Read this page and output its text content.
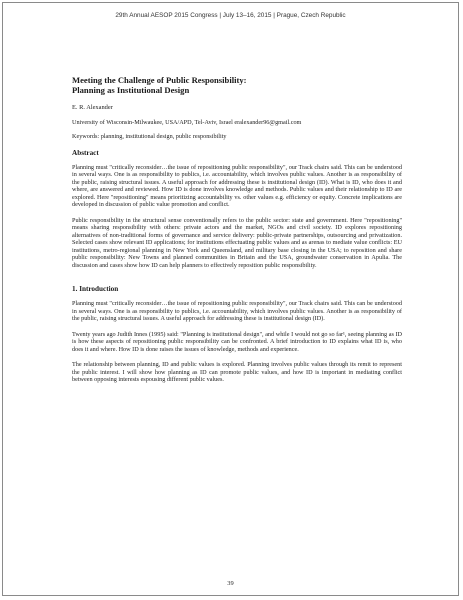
29th Annual AESOP 2015 Congress | July 13–16, 2015 | Prague, Czech Republic
Meeting the Challenge of Public Responsibility:
Planning as Institutional Design
E. R. Alexander
University of Wisconsin-Milwaukee, USA/APD, Tel-Aviv, Israel eralexander96@gmail.com
Keywords: planning, institutional design, public responsibility
Abstract

Planning must "critically reconsider…the issue of repositioning public responsibility", our Track chairs said. This can be understood in several ways. One is as responsibility to publics, i.e. accountability, which involves public values. Another is as responsibility of the public, raising structural issues. A useful approach for addressing these is institutional design (ID). What is ID, who does it and where, are answered and reviewed. How ID is done involves knowledge and methods. Public values and their relationship to ID are explored. Here "repositioning" means prioritizing accountability vs. other values e.g. efficiency or equity. Concrete implications are developed in discussion of public value promotion and conflict.

Public responsibility in the structural sense conventionally refers to the public sector: state and government. Here "repositioning" means sharing responsibility with others: private actors and the market, NGOs and civil society. ID explores repositioning alternatives of non-traditional forms of governance and service delivery: public-private partnerships, outsourcing and privatization. Selected cases show relevant ID applications; for institutions effectuating public values and as arenas to mediate value conflicts: EU institutions, metro-regional planning in New York and Queensland, and military base closing in the USA; to reposition and share public responsibility: New Towns and planned communities in Britain and the USA, groundwater conservation in Apulia. The discussion and cases show how ID can help planners to effectively reposition public responsibility.

1. Introduction

Planning must "critically reconsider…the issue of repositioning public responsibility", our Track chairs said. This can be understood in several ways. One is as responsibility to publics, i.e. accountability, which involves public values. Another is as responsibility of the public, raising structural issues. A useful approach for addressing these is institutional design (ID).

Twenty years ago Judith Innes (1995) said: "Planning is institutional design", and while I would not go so far¹, seeing planning as ID is how these aspects of repositioning public responsibility can be confronted. A brief introduction to ID explains what ID is, who does it and where. How ID is done raises the issues of knowledge, methods and experience.

The relationship between planning, ID and public values is explored. Planning involves public values through its remit to represent the public interest. I will show how planning as ID can promote public values, and how ID is important in mediating conflict between opposing interests espousing different public values.

39
